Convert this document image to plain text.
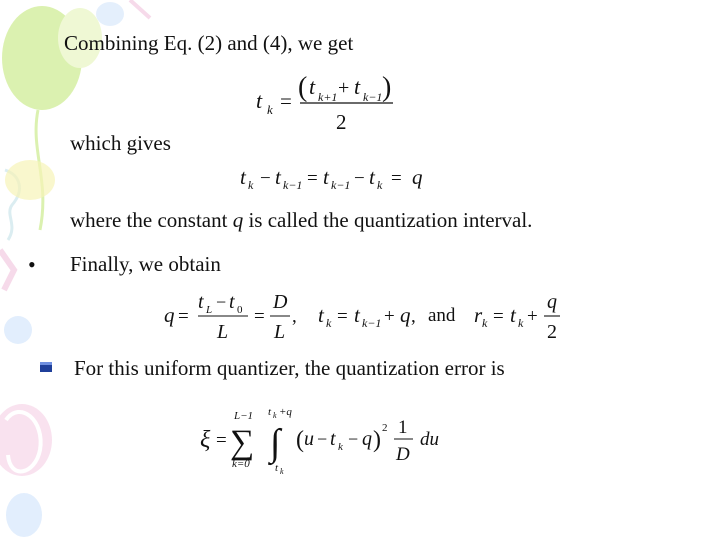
Combining Eq. (2) and (4), we get
t k = ( t k+1 + t k−1 )
2
which gives
t k − t k−1 = t k−1 − t k = q
where the constant q is called the quantization interval.
• Finally, we obtain
q =
t L − t 0
L
=
D
L
, t k = t k−1 + q , and r k = t k +
q
2
For this uniform quantizer, the quantization error is
ξ =
L−1
∑
k=0
t k +q
∫
t k
( u − t k − q ) 2 1
D
du
